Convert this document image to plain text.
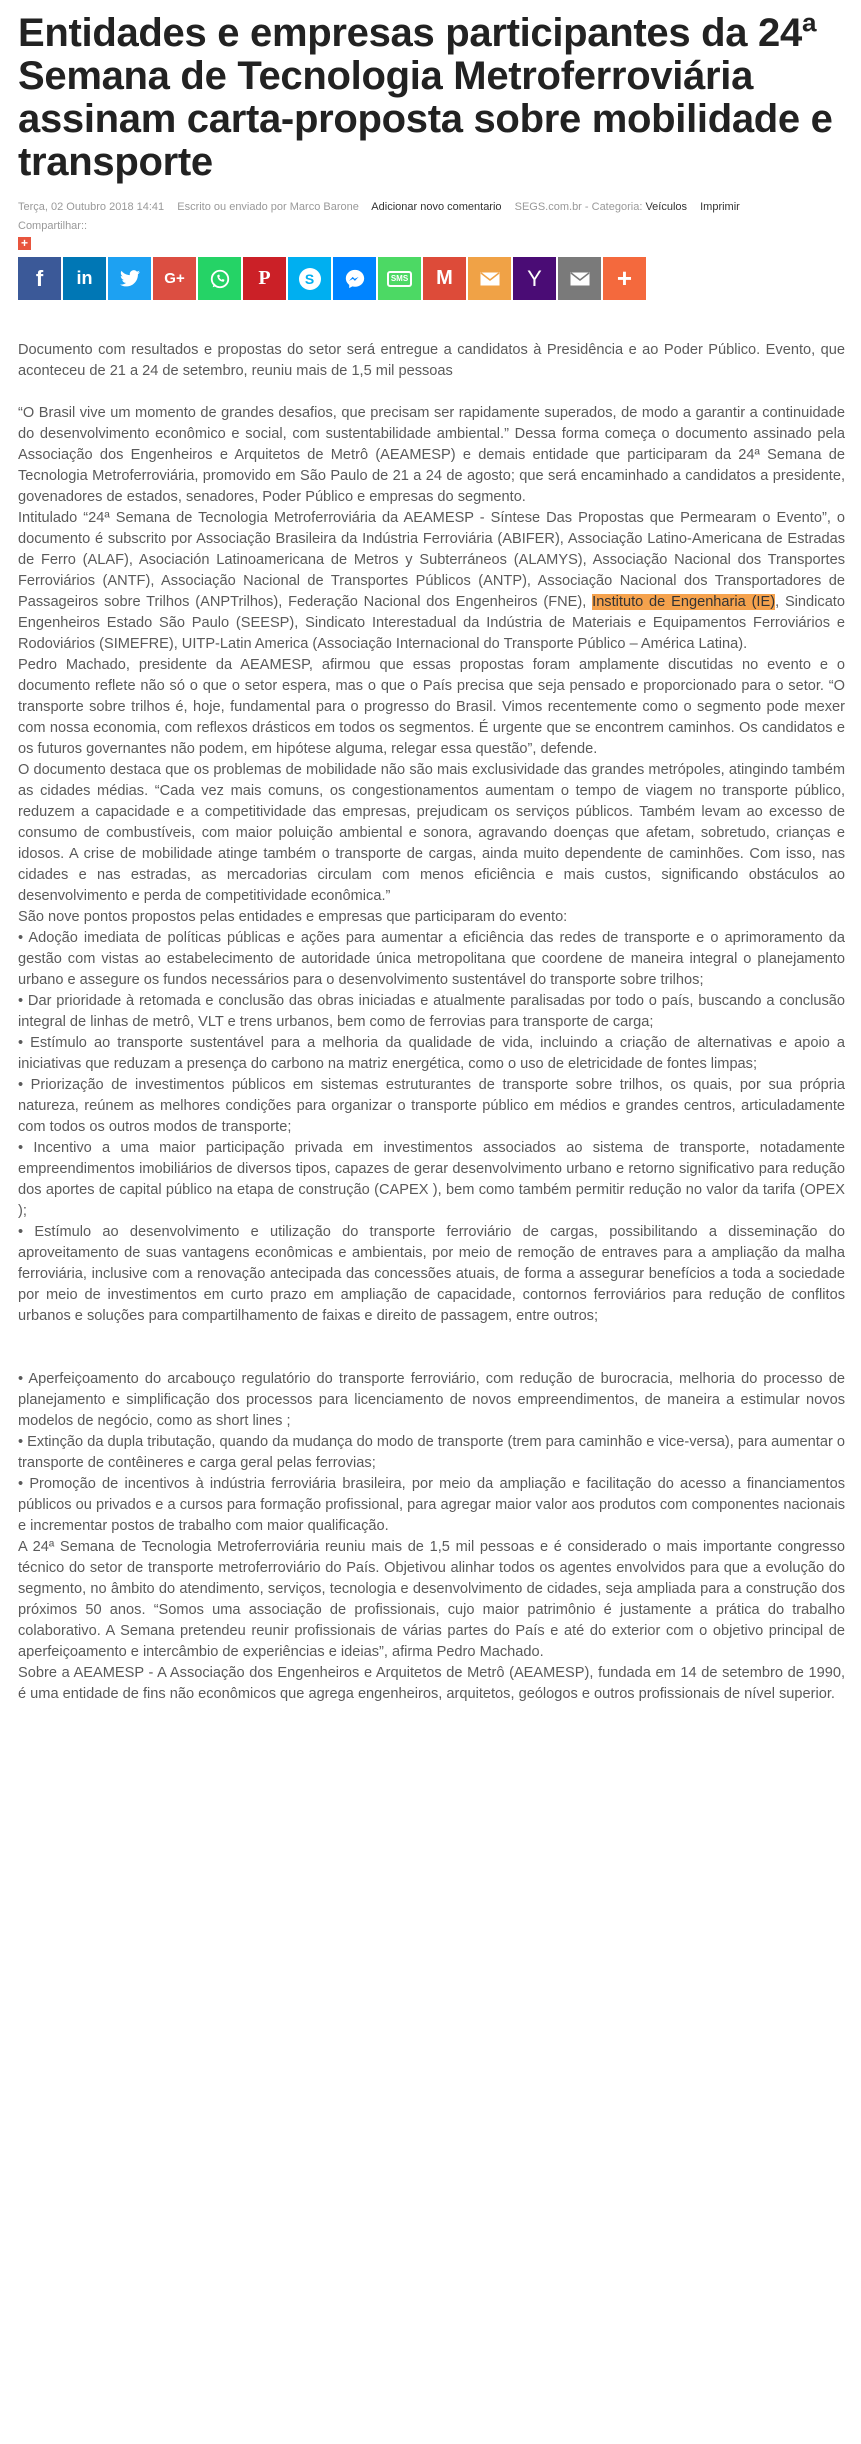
Entidades e empresas participantes da 24ª Semana de Tecnologia Metroferroviária assinam carta-proposta sobre mobilidade e transporte
Terça, 02 Outubro 2018 14:41 Escrito ou enviado por Marco Barone Adicionar novo comentario SEGS.com.br - Categoria: Veículos Imprimir
Compartilhar::
+
f in	G+	P	S	SMS M	Y	+

Documento com resultados e propostas do setor será entregue a candidatos à Presidência e ao Poder Público. Evento, que aconteceu de 21 a 24 de setembro, reuniu mais de 1,5 mil pessoas

“O Brasil vive um momento de grandes desafios, que precisam ser rapidamente superados, de modo a garantir a continuidade do desenvolvimento econômico e social, com sustentabilidade ambiental.” Dessa forma começa o documento assinado pela Associação dos Engenheiros e Arquitetos de Metrô (AEAMESP) e demais entidade que participaram da 24ª Semana de Tecnologia Metroferroviária, promovido em São Paulo de 21 a 24 de agosto; que será encaminhado a candidatos a presidente, govenadores de estados, senadores, Poder Público e empresas do segmento.

Intitulado “24ª Semana de Tecnologia Metroferroviária da AEAMESP - Síntese Das Propostas que Permearam o Evento”, o documento é subscrito por Associação Brasileira da Indústria Ferroviária (ABIFER), Associação Latino-Americana de Estradas de Ferro (ALAF), Asociación Latinoamericana de Metros y Subterráneos (ALAMYS), Associação Nacional dos Transportes Ferroviários (ANTF), Associação Nacional de Transportes Públicos (ANTP), Associação Nacional dos Transportadores de Passageiros sobre Trilhos (ANPTrilhos), Federação Nacional dos Engenheiros (FNE), Instituto de Engenharia (IE), Sindicato Engenheiros Estado São Paulo (SEESP), Sindicato Interestadual da Indústria de Materiais e Equipamentos Ferroviários e Rodoviários (SIMEFRE), UITP-Latin America (Associação Internacional do Transporte Público – América Latina).

Pedro Machado, presidente da AEAMESP, afirmou que essas propostas foram amplamente discutidas no evento e o documento reflete não só o que o setor espera, mas o que o País precisa que seja pensado e proporcionado para o setor. “O transporte sobre trilhos é, hoje, fundamental para o progresso do Brasil. Vimos recentemente como o segmento pode mexer com nossa economia, com reflexos drásticos em todos os segmentos. É urgente que se encontrem caminhos. Os candidatos e os futuros governantes não podem, em hipótese alguma, relegar essa questão”, defende.

O documento destaca que os problemas de mobilidade não são mais exclusividade das grandes metrópoles, atingindo também as cidades médias. “Cada vez mais comuns, os congestionamentos aumentam o tempo de viagem no transporte público, reduzem a capacidade e a competitividade das empresas, prejudicam os serviços públicos. Também levam ao excesso de consumo de combustíveis, com maior poluição ambiental e sonora, agravando doenças que afetam, sobretudo, crianças e idosos. A crise de mobilidade atinge também o transporte de cargas, ainda muito dependente de caminhões. Com isso, nas cidades e nas estradas, as mercadorias circulam com menos eficiência e mais custos, significando obstáculos ao desenvolvimento e perda de competitividade econômica.”

São nove pontos propostos pelas entidades e empresas que participaram do evento:

• Adoção imediata de políticas públicas e ações para aumentar a eficiência das redes de transporte e o aprimoramento da gestão com vistas ao estabelecimento de autoridade única metropolitana que coordene de maneira integral o planejamento urbano e assegure os fundos necessários para o desenvolvimento sustentável do transporte sobre trilhos;

• Dar prioridade à retomada e conclusão das obras iniciadas e atualmente paralisadas por todo o país, buscando a conclusão integral de linhas de metrô, VLT e trens urbanos, bem como de ferrovias para transporte de carga;

• Estímulo ao transporte sustentável para a melhoria da qualidade de vida, incluindo a criação de alternativas e apoio a iniciativas que reduzam a presença do carbono na matriz energética, como o uso de eletricidade de fontes limpas;

• Priorização de investimentos públicos em sistemas estruturantes de transporte sobre trilhos, os quais, por sua própria natureza, reúnem as melhores condições para organizar o transporte público em médios e grandes centros, articuladamente com todos os outros modos de transporte;

• Incentivo a uma maior participação privada em investimentos associados ao sistema de transporte, notadamente empreendimentos imobiliários de diversos tipos, capazes de gerar desenvolvimento urbano e retorno significativo para redução dos aportes de capital público na etapa de construção (CAPEX ), bem como também permitir redução no valor da tarifa (OPEX );

• Estímulo ao desenvolvimento e utilização do transporte ferroviário de cargas, possibilitando a disseminação do aproveitamento de suas vantagens econômicas e ambientais, por meio de remoção de entraves para a ampliação da malha ferroviária, inclusive com a renovação antecipada das concessões atuais, de forma a assegurar benefícios a toda a sociedade por meio de investimentos em curto prazo em ampliação de capacidade, contornos ferroviários para redução de conflitos urbanos e soluções para compartilhamento de faixas e direito de passagem, entre outros;

• Aperfeiçoamento do arcabouço regulatório do transporte ferroviário, com redução de burocracia, melhoria do processo de planejamento e simplificação dos processos para licenciamento de novos empreendimentos, de maneira a estimular novos modelos de negócio, como as short lines ;

• Extinção da dupla tributação, quando da mudança do modo de transporte (trem para caminhão e vice-versa), para aumentar o transporte de contêineres e carga geral pelas ferrovias;

• Promoção de incentivos à indústria ferroviária brasileira, por meio da ampliação e facilitação do acesso a financiamentos públicos ou privados e a cursos para formação profissional, para agregar maior valor aos produtos com componentes nacionais e incrementar postos de trabalho com maior qualificação.

A 24ª Semana de Tecnologia Metroferroviária reuniu mais de 1,5 mil pessoas e é considerado o mais importante congresso técnico do setor de transporte metroferroviário do País. Objetivou alinhar todos os agentes envolvidos para que a evolução do segmento, no âmbito do atendimento, serviços, tecnologia e desenvolvimento de cidades, seja ampliada para a construção dos próximos 50 anos. “Somos uma associação de profissionais, cujo maior patrimônio é justamente a prática do trabalho colaborativo. A Semana pretendeu reunir profissionais de várias partes do País e até do exterior com o objetivo principal de aperfeiçoamento e intercâmbio de experiências e ideias”, afirma Pedro Machado.

Sobre a AEAMESP - A Associação dos Engenheiros e Arquitetos de Metrô (AEAMESP), fundada em 14 de setembro de 1990, é uma entidade de fins não econômicos que agrega engenheiros, arquitetos, geólogos e outros profissionais de nível superior.
